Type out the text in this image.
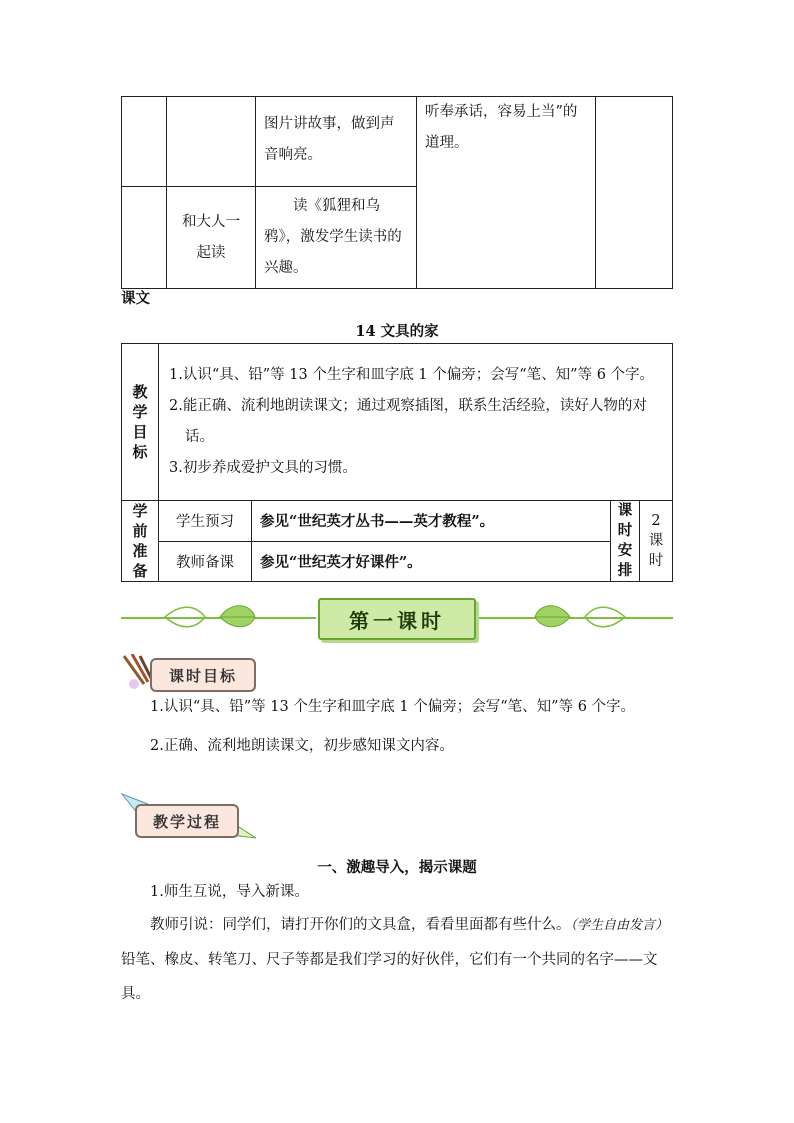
		图片讲故事，做到声音响亮。	听奉承话，容易上当”的道理。	

	和大人一起读	读《狐狸和乌鸦》，激发学生读书的兴趣。		
课文
14 文具的家
教学目标	1.认识“具、铅”等 13 个生字和皿字底 1 个偏旁；会写“笔、知”等 6 个字。

2.能正确、流利地朗读课文；通过观察插图，联系生活经验，读好人物的对话。

3.初步养成爱护文具的习惯。			

学前准备	学生预习	参见“世纪英才丛书——英才教程”。	课时安排	2课时

	教师备课	参见“世纪英才好课件”。		
第一课时
课时目标

1.认识“具、铅”等 13 个生字和皿字底 1 个偏旁；会写“笔、知”等 6 个字。

2.正确、流利地朗读课文，初步感知课文内容。

教学过程
一、激趣导入，揭示课题

1.师生互说，导入新课。

教师引说：同学们，请打开你们的文具盒，看看里面都有些什么。（学生自由发言）铅笔、橡皮、转笔刀、尺子等都是我们学习的好伙伴，它们有一个共同的名字——文具。
